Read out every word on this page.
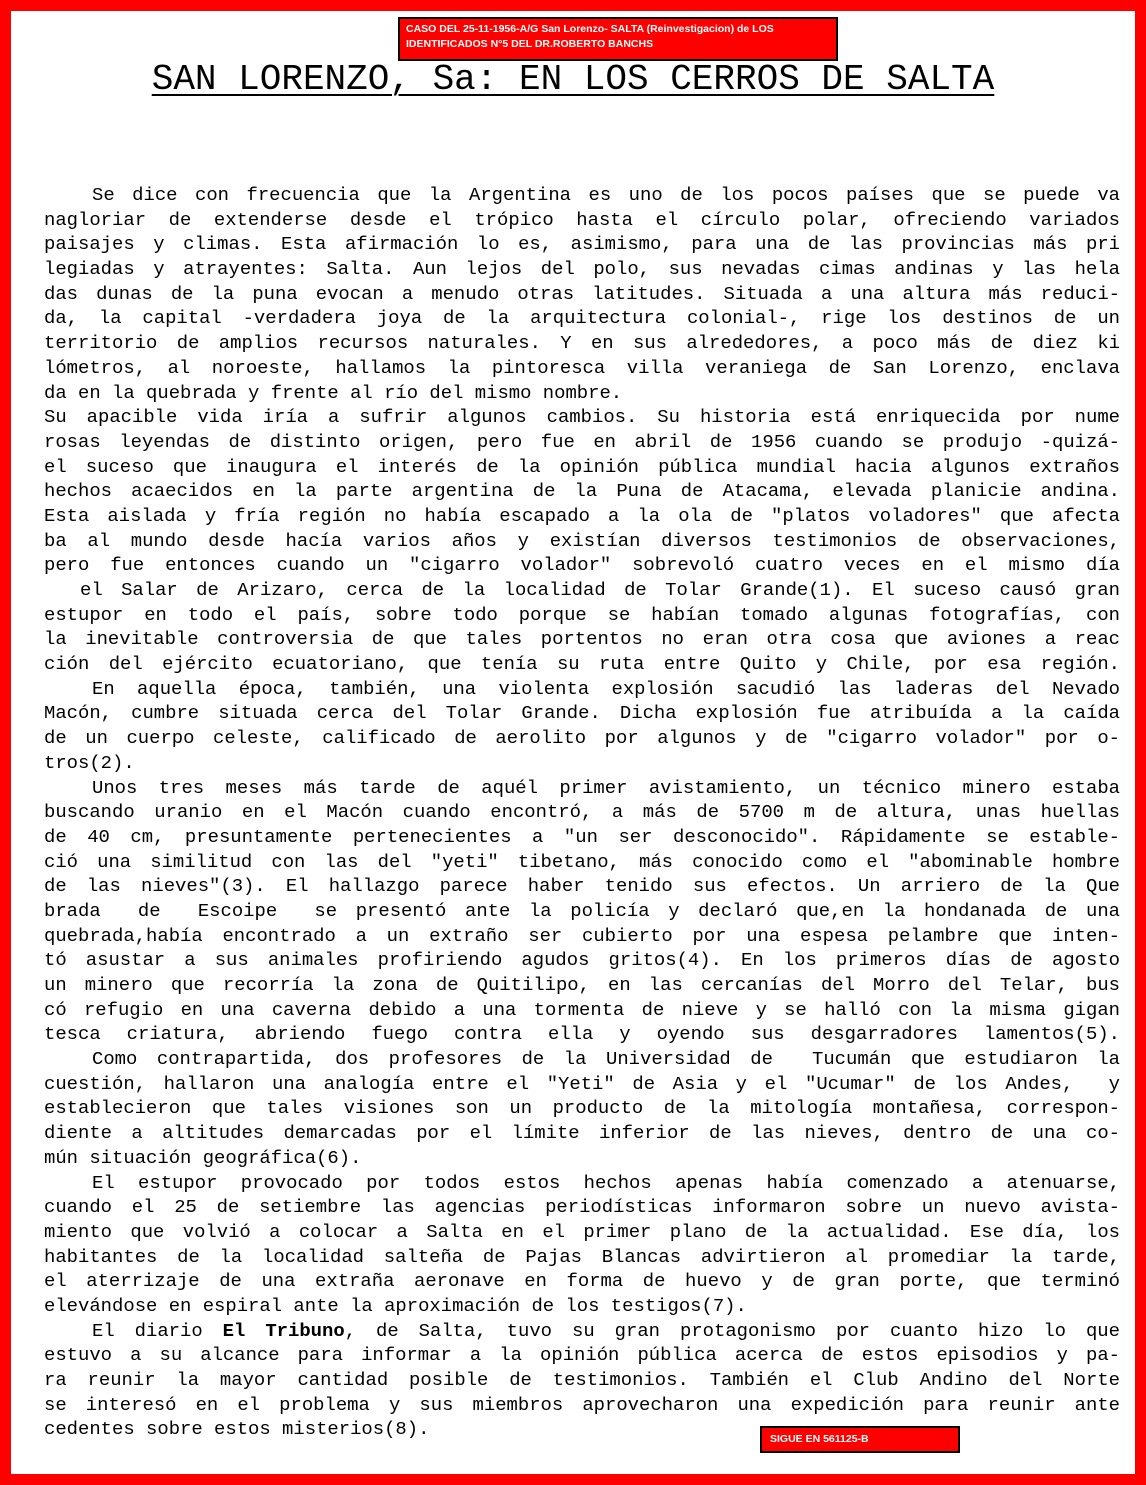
CASO DEL 25-11-1956-A/G San Lorenzo- SALTA (Reinvestigacion) de LOS
IDENTIFICADOS N°5 DEL DR.ROBERTO BANCHS
SAN LORENZO, Sa: EN LOS CERROS DE SALTA
Se dice con frecuencia que la Argentina es uno de los pocos países que se puede va
nagloriar de extenderse desde el trópico hasta el círculo polar, ofreciendo variados
paisajes y climas. Esta afirmación lo es, asimismo, para una de las provincias más pri
legiadas y atrayentes: Salta. Aun lejos del polo, sus nevadas cimas andinas y las hela
das dunas de la puna evocan a menudo otras latitudes. Situada a una altura más reduci-
da, la capital -verdadera joya de la arquitectura colonial-, rige los destinos de un
territorio de amplios recursos naturales. Y en sus alrededores, a poco más de diez ki
lómetros, al noroeste, hallamos la pintoresca villa veraniega de San Lorenzo, enclava
da en la quebrada y frente al río del mismo nombre.
Su apacible vida iría a sufrir algunos cambios. Su historia está enriquecida por nume
rosas leyendas de distinto origen, pero fue en abril de 1956 cuando se produjo -quizá-
el suceso que inaugura el interés de la opinión pública mundial hacia algunos extraños
hechos acaecidos en la parte argentina de la Puna de Atacama, elevada planicie andina.
Esta aislada y fría región no había escapado a la ola de "platos voladores" que afecta
ba al mundo desde hacía varios años y existían diversos testimonios de observaciones,
pero fue entonces cuando un "cigarro volador" sobrevoló cuatro veces en el mismo día
el Salar de Arizaro, cerca de la localidad de Tolar Grande(1). El suceso causó gran
estupor en todo el país, sobre todo porque se habían tomado algunas fotografías, con
la inevitable controversia de que tales portentos no eran otra cosa que aviones a reac
ción del ejército ecuatoriano, que tenía su ruta entre Quito y Chile, por esa región.
En aquella época, también, una violenta explosión sacudió las laderas del Nevado
Macón, cumbre situada cerca del Tolar Grande. Dicha explosión fue atribuída a la caída
de un cuerpo celeste, calificado de aerolito por algunos y de "cigarro volador" por o-
tros(2).
Unos tres meses más tarde de aquél primer avistamiento, un técnico minero estaba
buscando uranio en el Macón cuando encontró, a más de 5700 m de altura, unas huellas
de 40 cm, presuntamente pertenecientes a "un ser desconocido". Rápidamente se estable-
ció una similitud con las del "yeti" tibetano, más conocido como el "abominable hombre
de las nieves"(3). El hallazgo parece haber tenido sus efectos. Un arriero de la Que
brada  de  Escoipe  se presentó ante la policía y declaró que,en la hondanada de una
quebrada,había encontrado a un extraño ser cubierto por una espesa pelambre que inten-
tó asustar a sus animales profiriendo agudos gritos(4). En los primeros días de agosto
un minero que recorría la zona de Quitilipo, en las cercanías del Morro del Telar, bus
có refugio en una caverna debido a una tormenta de nieve y se halló con la misma gigan
tesca criatura, abriendo fuego contra ella y oyendo sus desgarradores lamentos(5).
Como contrapartida, dos profesores de la Universidad de  Tucumán que estudiaron la
cuestión, hallaron una analogía entre el "Yeti" de Asia y el "Ucumar" de los Andes,  y
establecieron que tales visiones son un producto de la mitología montañesa, correspon-
diente a altitudes demarcadas por el límite inferior de las nieves, dentro de una co-
mún situación geográfica(6).
El estupor provocado por todos estos hechos apenas había comenzado a atenuarse,
cuando el 25 de setiembre las agencias periodísticas informaron sobre un nuevo avista-
miento que volvió a colocar a Salta en el primer plano de la actualidad. Ese día, los
habitantes de la localidad salteña de Pajas Blancas advirtieron al promediar la tarde,
el aterrizaje de una extraña aeronave en forma de huevo y de gran porte, que terminó
elevándose en espiral ante la aproximación de los testigos(7).
El diario El Tribuno, de Salta, tuvo su gran protagonismo por cuanto hizo lo que
estuvo a su alcance para informar a la opinión pública acerca de estos episodios y pa-
ra reunir la mayor cantidad posible de testimonios. También el Club Andino del Norte
se interesó en el problema y sus miembros aprovecharon una expedición para reunir ante
cedentes sobre estos misterios(8).	SIGUE EN 561125-B
